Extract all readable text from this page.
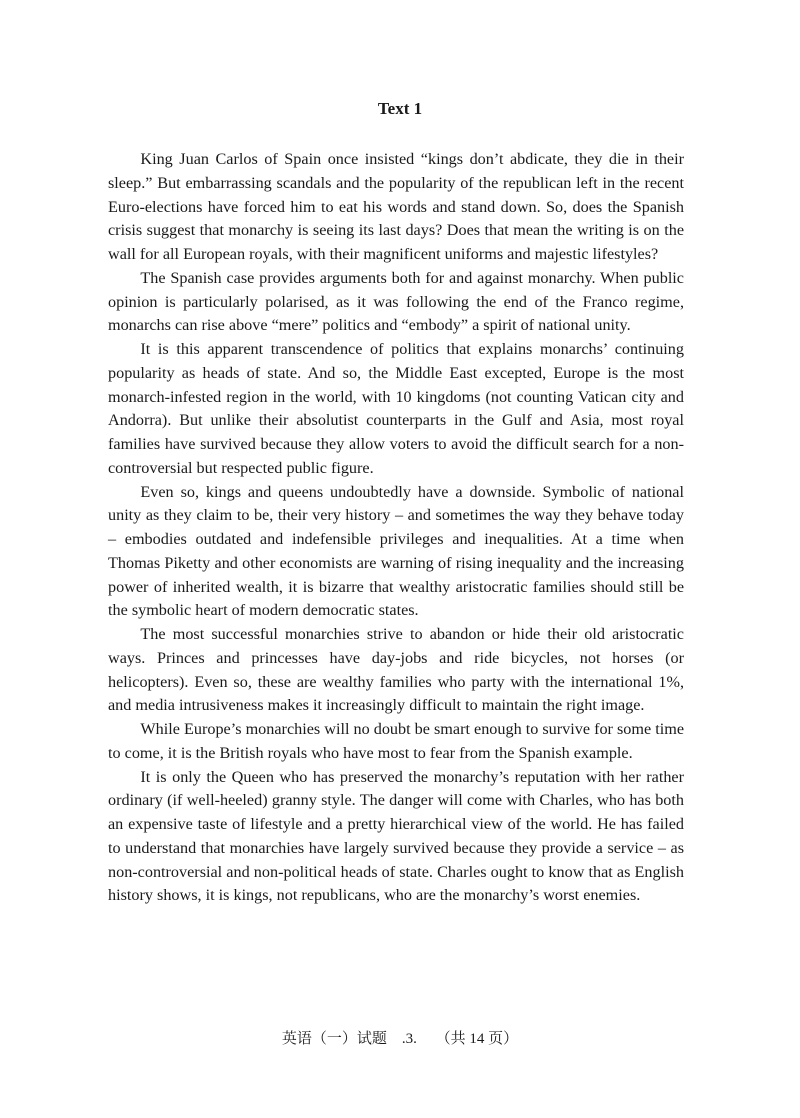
Text 1

King Juan Carlos of Spain once insisted “kings don’t abdicate, they die in their sleep.” But embarrassing scandals and the popularity of the republican left in the recent Euro-elections have forced him to eat his words and stand down. So, does the Spanish crisis suggest that monarchy is seeing its last days? Does that mean the writing is on the wall for all European royals, with their magnificent uniforms and majestic lifestyles?

The Spanish case provides arguments both for and against monarchy. When public opinion is particularly polarised, as it was following the end of the Franco regime, monarchs can rise above “mere” politics and “embody” a spirit of national unity.

It is this apparent transcendence of politics that explains monarchs’ continuing popularity as heads of state. And so, the Middle East excepted, Europe is the most monarch-infested region in the world, with 10 kingdoms (not counting Vatican city and Andorra). But unlike their absolutist counterparts in the Gulf and Asia, most royal families have survived because they allow voters to avoid the difficult search for a non-controversial but respected public figure.

Even so, kings and queens undoubtedly have a downside. Symbolic of national unity as they claim to be, their very history – and sometimes the way they behave today – embodies outdated and indefensible privileges and inequalities. At a time when Thomas Piketty and other economists are warning of rising inequality and the increasing power of inherited wealth, it is bizarre that wealthy aristocratic families should still be the symbolic heart of modern democratic states.

The most successful monarchies strive to abandon or hide their old aristocratic ways. Princes and princesses have day-jobs and ride bicycles, not horses (or helicopters). Even so, these are wealthy families who party with the international 1%, and media intrusiveness makes it increasingly difficult to maintain the right image.

While Europe’s monarchies will no doubt be smart enough to survive for some time to come, it is the British royals who have most to fear from the Spanish example.

It is only the Queen who has preserved the monarchy’s reputation with her rather ordinary (if well-heeled) granny style. The danger will come with Charles, who has both an expensive taste of lifestyle and a pretty hierarchical view of the world. He has failed to understand that monarchies have largely survived because they provide a service – as non-controversial and non-political heads of state. Charles ought to know that as English history shows, it is kings, not republicans, who are the monarchy’s worst enemies.

英语（一）试题    .3.     （共 14 页）
